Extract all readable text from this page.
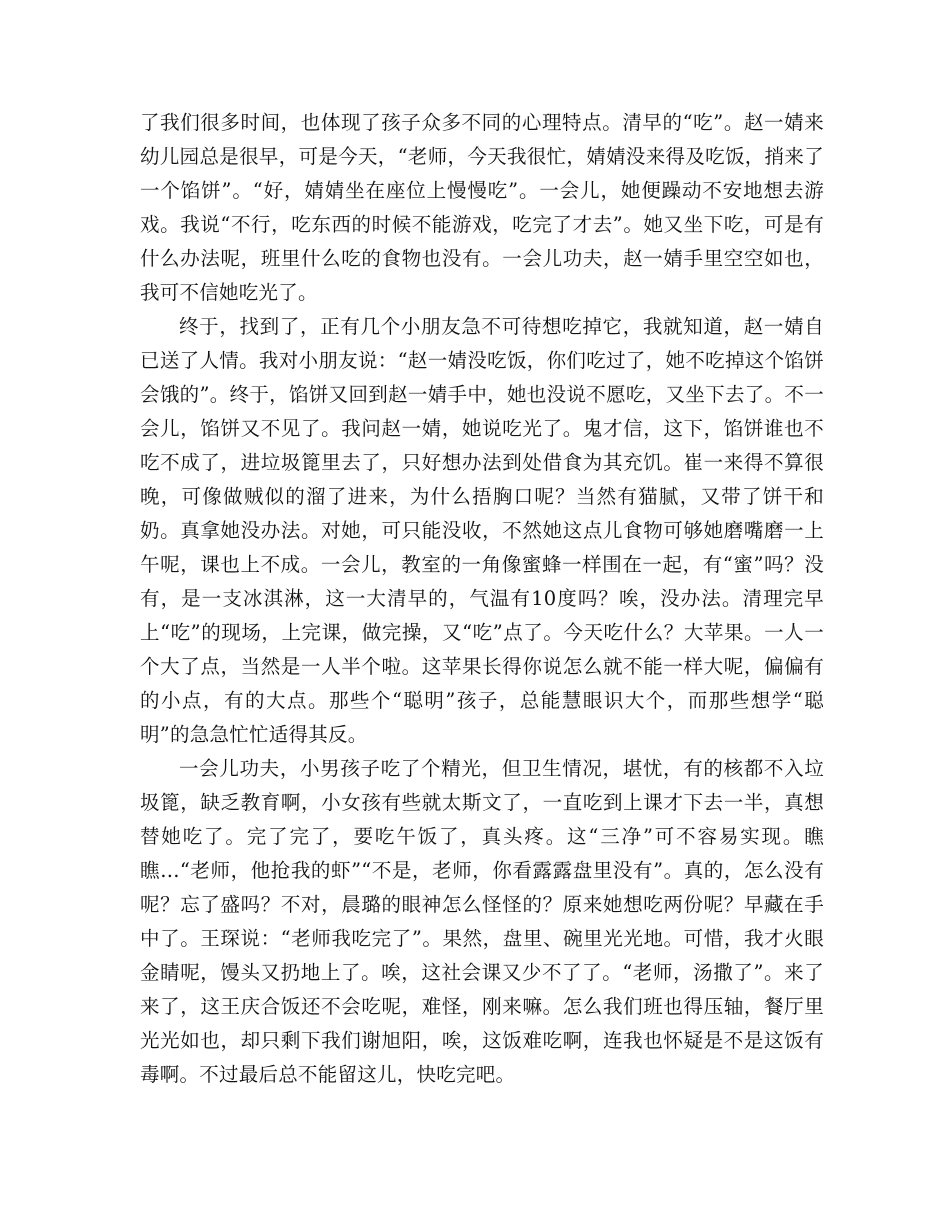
了我们很多时间，也体现了孩子众多不同的心理特点。清早的“吃”。赵一婧来幼儿园总是很早，可是今天，“老师，今天我很忙，婧婧没来得及吃饭，捎来了一个馅饼”。“好，婧婧坐在座位上慢慢吃”。一会儿，她便躁动不安地想去游戏。我说“不行，吃东西的时候不能游戏，吃完了才去”。她又坐下吃，可是有什么办法呢，班里什么吃的食物也没有。一会儿功夫，赵一婧手里空空如也，我可不信她吃光了。

终于，找到了，正有几个小朋友急不可待想吃掉它，我就知道，赵一婧自已送了人情。我对小朋友说：“赵一婧没吃饭，你们吃过了，她不吃掉这个馅饼会饿的”。终于，馅饼又回到赵一婧手中，她也没说不愿吃，又坐下去了。不一会儿，馅饼又不见了。我问赵一婧，她说吃光了。鬼才信，这下，馅饼谁也不吃不成了，进垃圾篦里去了，只好想办法到处借食为其充饥。崔一来得不算很晚，可像做贼似的溜了进来，为什么捂胸口呢？当然有猫腻，又带了饼干和奶。真拿她没办法。对她，可只能没收，不然她这点儿食物可够她磨嘴磨一上午呢，课也上不成。一会儿，教室的一角像蜜蜂一样围在一起，有“蜜”吗？没有，是一支冰淇淋，这一大清早的，气温有10度吗？唉，没办法。清理完早上“吃”的现场，上完课，做完操，又“吃”点了。今天吃什么？大苹果。一人一个大了点，当然是一人半个啦。这苹果长得你说怎么就不能一样大呢，偏偏有的小点，有的大点。那些个“聪明”孩子，总能慧眼识大个，而那些想学“聪明”的急急忙忙适得其反。

一会儿功夫，小男孩子吃了个精光，但卫生情况，堪忧，有的核都不入垃圾篦，缺乏教育啊，小女孩有些就太斯文了，一直吃到上课才下去一半，真想替她吃了。完了完了，要吃午饭了，真头疼。这“三净”可不容易实现。瞧瞧…“老师，他抢我的虾”“不是，老师，你看露露盘里没有”。真的，怎么没有呢？忘了盛吗？不对，晨璐的眼神怎么怪怪的？原来她想吃两份呢？早藏在手中了。王琛说：“老师我吃完了”。果然，盘里、碗里光光地。可惜，我才火眼金睛呢，馒头又扔地上了。唉，这社会课又少不了了。“老师，汤撒了”。来了来了，这王庆合饭还不会吃呢，难怪，刚来嘛。怎么我们班也得压轴，餐厅里光光如也，却只剩下我们谢旭阳，唉，这饭难吃啊，连我也怀疑是不是这饭有毒啊。不过最后总不能留这儿，快吃完吧。
